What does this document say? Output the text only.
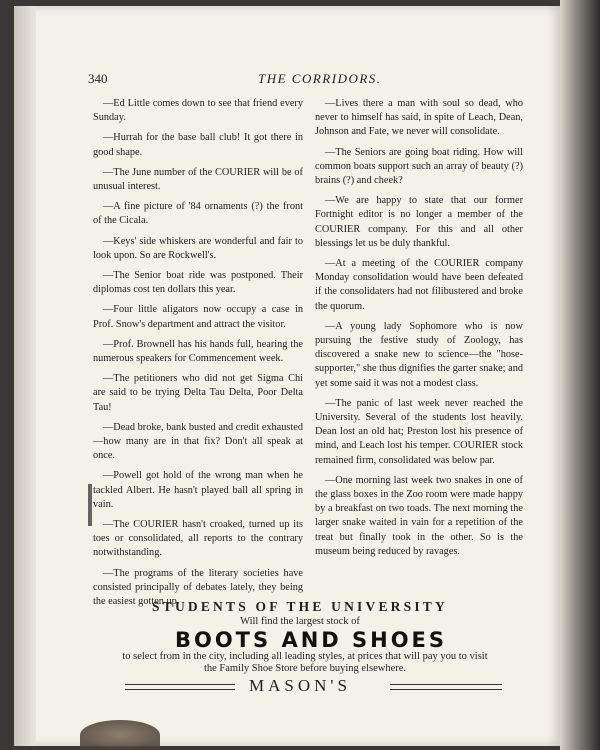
340	THE CORRIDORS.

—Ed Little comes down to see that friend every Sunday.

—Hurrah for the base ball club! It got there in good shape.

—The June number of the COURIER will be of unusual interest.

—A fine picture of '84 ornaments (?) the front of the Cicala.

—Keys' side whiskers are wonderful and fair to look upon. So are Rockwell's.

—The Senior boat ride was postponed. Their diplomas cost ten dollars this year.

—Four little aligators now occupy a case in Prof. Snow's department and attract the visitor.

—Prof. Brownell has his hands full, hearing the numerous speakers for Commencement week.

—The petitioners who did not get Sigma Chi are said to be trying Delta Tau Delta, Poor Delta Tau!

—Dead broke, bank busted and credit exhausted—how many are in that fix? Don't all speak at once.

—Powell got hold of the wrong man when he tackled Albert. He hasn't played ball all spring in vain.

—The COURIER hasn't croaked, turned up its toes or consolidated, all reports to the contrary notwithstanding.

—The programs of the literary societies have consisted principally of debates lately, they being the easiest gotten up.

—Lives there a man with soul so dead, who never to himself has said, in spite of Leach, Dean, Johnson and Fate, we never will consolidate.

—The Seniors are going boat riding. How will common boats support such an array of beauty (?) brains (?) and cheek?

—We are happy to state that our former Fortnight editor is no longer a member of the COURIER company. For this and all other blessings let us be duly thankful.

—At a meeting of the COURIER company Monday consolidation would have been defeated if the consolidaters had not filibustered and broke the quorum.

—A young lady Sophomore who is now pursuing the festive study of Zoology, has discovered a snake new to science—the "hose-supporter," she thus dignifies the garter snake; and yet some said it was not a modest class.

—The panic of last week never reached the University. Several of the students lost heavily. Dean lost an old hat; Preston lost his presence of mind, and Leach lost his temper. COURIER stock remained firm, consolidated was below par.

—One morning last week two snakes in one of the glass boxes in the Zoo room were made happy by a breakfast on two toads. The next morning the larger snake waited in vain for a repetition of the treat but finally took in the other. So is the museum being reduced by ravages.

STUDENTS OF THE UNIVERSITY
Will find the largest stock of
BOOTS AND SHOES
to select from in the city, including all leading styles, at prices that will pay you to visit
the Family Shoe Store before buying elsewhere.
MASON'S
